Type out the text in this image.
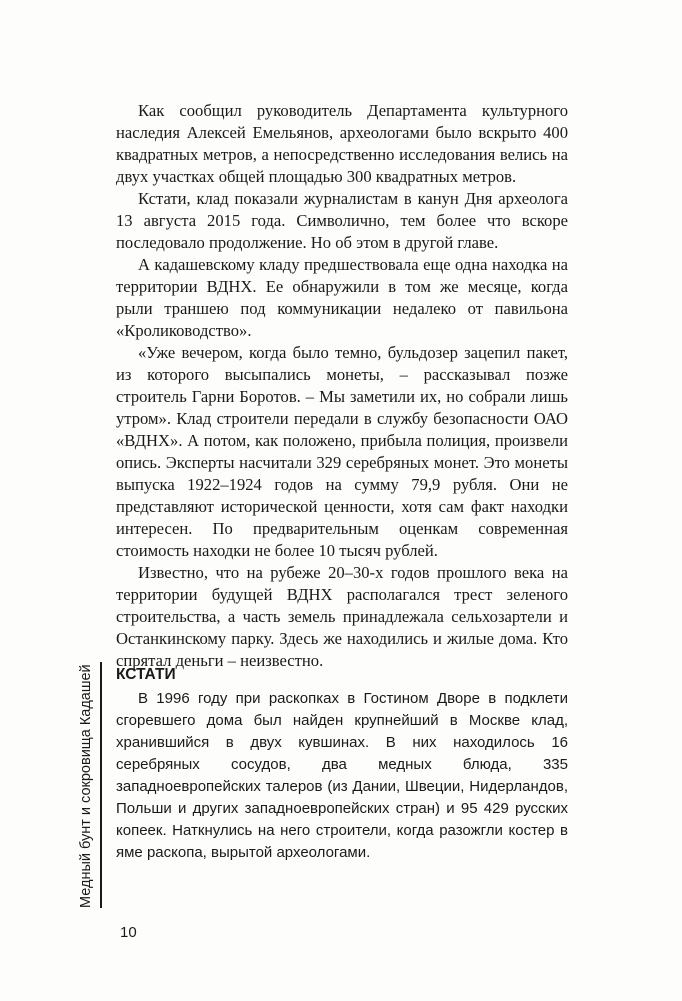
Как сообщил руководитель Департамента культурного наследия Алексей Емельянов, археологами было вскрыто 400 квадратных метров, а непосредственно исследования велись на двух участках общей площадью 300 квадратных метров.

Кстати, клад показали журналистам в канун Дня археолога 13 августа 2015 года. Символично, тем более что вскоре последовало продолжение. Но об этом в другой главе.

А кадашевскому кладу предшествовала еще одна находка на территории ВДНХ. Ее обнаружили в том же месяце, когда рыли траншею под коммуникации недалеко от павильона «Кролиководство».

«Уже вечером, когда было темно, бульдозер зацепил пакет, из которого высыпались монеты, – рассказывал позже строитель Гарни Боротов. – Мы заметили их, но собрали лишь утром». Клад строители передали в службу безопасности ОАО «ВДНХ». А потом, как положено, прибыла полиция, произвели опись. Эксперты насчитали 329 серебряных монет. Это монеты выпуска 1922–1924 годов на сумму 79,9 рубля. Они не представляют исторической ценности, хотя сам факт находки интересен. По предварительным оценкам современная стоимость находки не более 10 тысяч рублей.

Известно, что на рубеже 20–30-х годов прошлого века на территории будущей ВДНХ располагался трест зеленого строительства, а часть земель принадлежала сельхозартели и Останкинскому парку. Здесь же находились и жилые дома. Кто спрятал деньги – неизвестно.

Медный бунт и сокровища Кадашей КСТАТИ

В 1996 году при раскопках в Гостином Дворе в подклети сгоревшего дома был найден крупнейший в Москве клад, хранившийся в двух кувшинах. В них находилось 16 серебряных сосудов, два медных блюда, 335 западноевропейских талеров (из Дании, Швеции, Нидерландов, Польши и других западноевропейских стран) и 95 429 русских копеек. Наткнулись на него строители, когда разожгли костер в яме раскопа, вырытой археологами.

10
